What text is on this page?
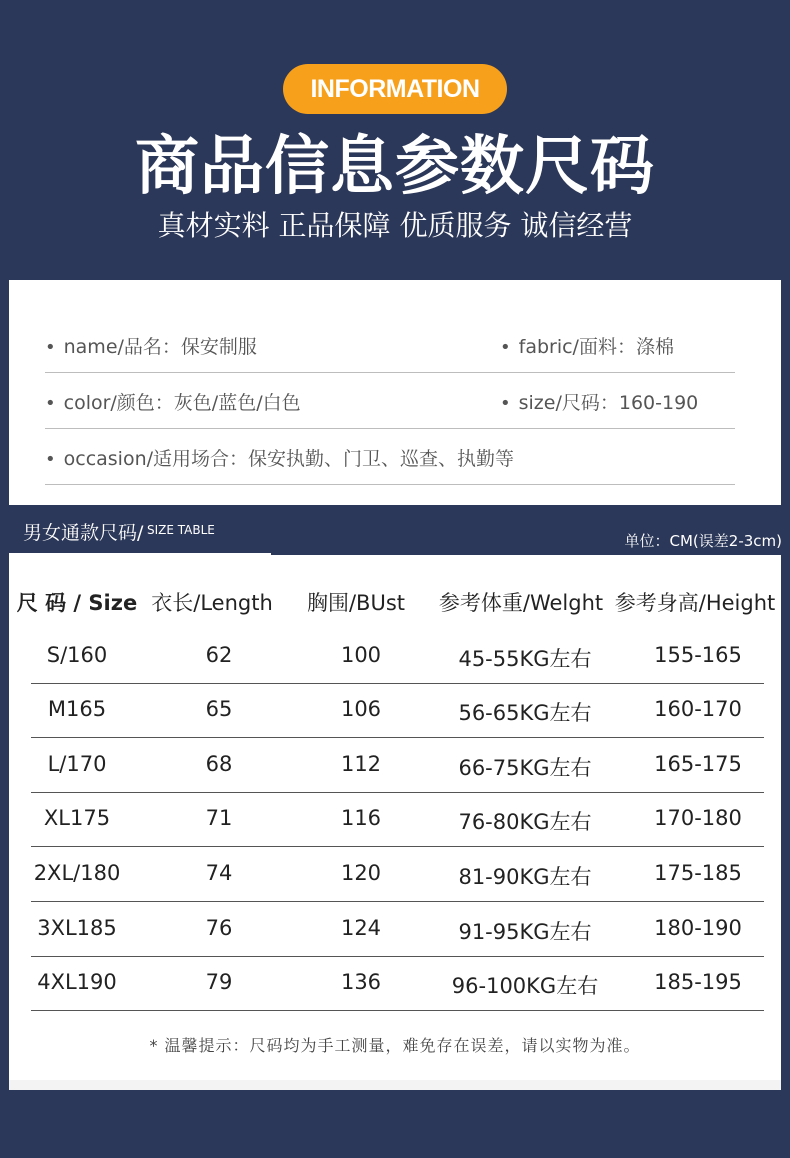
INFORMATION
商品信息参数尺码
真材实料 正品保障 优质服务 诚信经营
• name/品名：保安制服	• fabric/面料：涤棉
• color/颜色：灰色/蓝色/白色	• size/尺码：160-190
• occasion/适用场合：保安执勤、门卫、巡查、执勤等
男女通款尺码/ SIZE TABLE
单位：CM(误差2-3cm)
尺 码 / Size 衣长/Length 胸围/BUst 参考体重/Welght 参考身高/Height
S/160	62	100	45-55KG左右	155-165
M165	65	106	56-65KG左右	160-170
L/170	68	112	66-75KG左右	165-175
XL175	71	116	76-80KG左右	170-180
2XL/180	74	120	81-90KG左右	175-185
3XL185	76	124	91-95KG左右	180-190
4XL190	79	136	96-100KG左右	185-195
* 温馨提示：尺码均为手工测量，难免存在误差，请以实物为准。
